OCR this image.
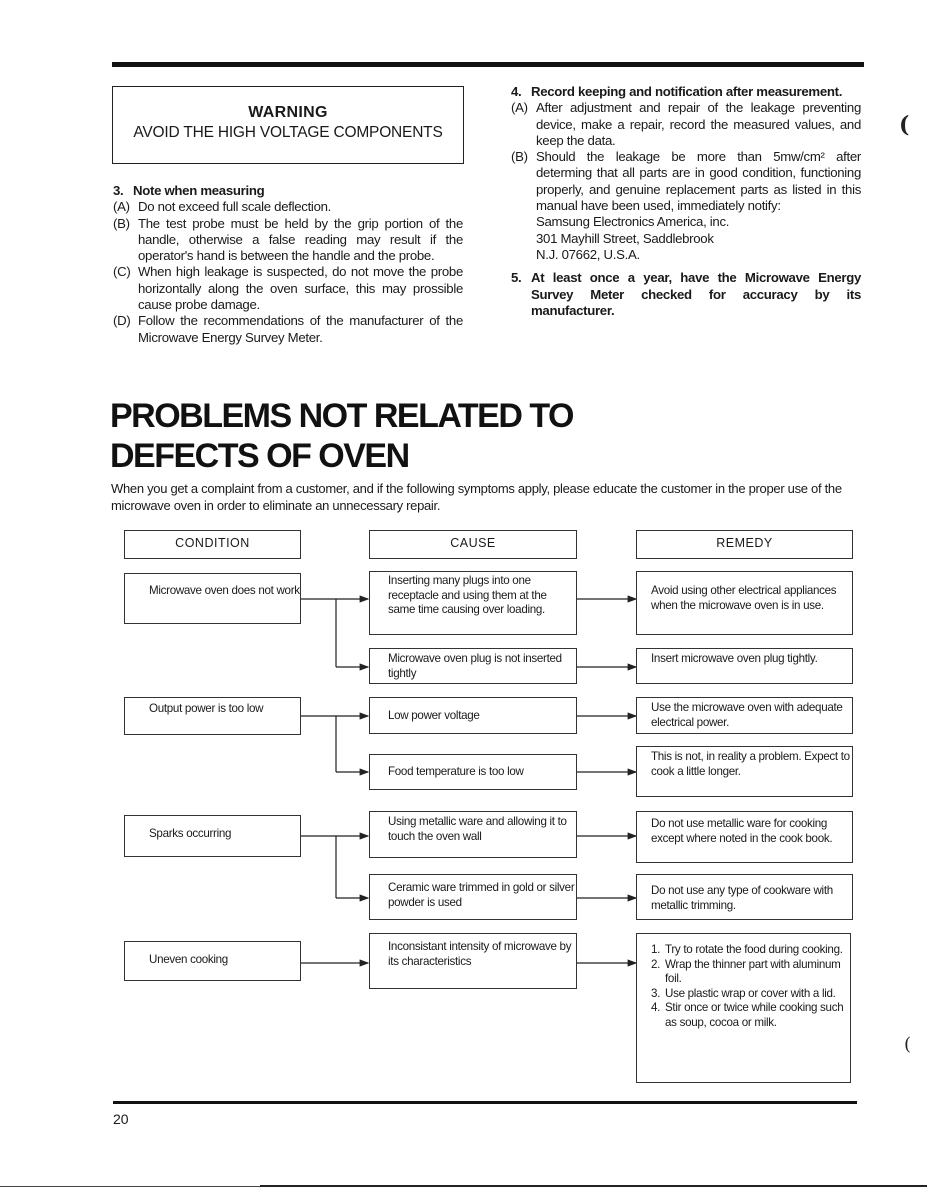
WARNING
AVOID THE HIGH VOLTAGE COMPONENTS
3. Note when measuring
(A) Do not exceed full scale deflection.
(B) The test probe must be held by the grip portion of the handle, otherwise a false reading may result if the operator's hand is between the handle and the probe.
(C) When high leakage is suspected, do not move the probe horizontally along the oven surface, this may prossible cause probe damage.
(D) Follow the recommendations of the manufacturer of the Microwave Energy Survey Meter.
4. Record keeping and notification after measurement.
(A) After adjustment and repair of the leakage preventing device, make a repair, record the measured values, and keep the data.
(B) Should the leakage be more than 5mw/cm² after determing that all parts are in good condition, functioning properly, and genuine replacement parts as listed in this manual have been used, immediately notify:
Samsung Electronics America, inc.
301 Mayhill Street, Saddlebrook
N.J. 07662, U.S.A.
5. At least once a year, have the Microwave Energy Survey Meter checked for accuracy by its manufacturer.
PROBLEMS NOT RELATED TO
DEFECTS OF OVEN
When you get a complaint from a customer, and if the following symptoms apply, please educate the customer in the proper use of the microwave oven in order to eliminate an unnecessary repair.
CONDITION	CAUSE	REMEDY
Microwave oven does not work
Output power is too low
Sparks occurring
Uneven cooking
Inserting many plugs into one receptacle and using them at the same time causing over loading.
Microwave oven plug is not inserted tightly
Low power voltage
Food temperature is too low
Using metallic ware and allowing it to touch the oven wall
Ceramic ware trimmed in gold or silver powder is used
Inconsistant intensity of microwave by its characteristics
Avoid using other electrical appliances when the microwave oven is in use.
Insert microwave oven plug tightly.
Use the microwave oven with adequate electrical power.
This is not, in reality a problem. Expect to cook a little longer.
Do not use metallic ware for cooking except where noted in the cook book.
Do not use any type of cookware with metallic trimming.
1. Try to rotate the food during cooking.
2. Wrap the thinner part with aluminum foil.
3. Use plastic wrap or cover with a lid.
4. Stir once or twice while cooking such as soup, cocoa or milk.
(
(
20
